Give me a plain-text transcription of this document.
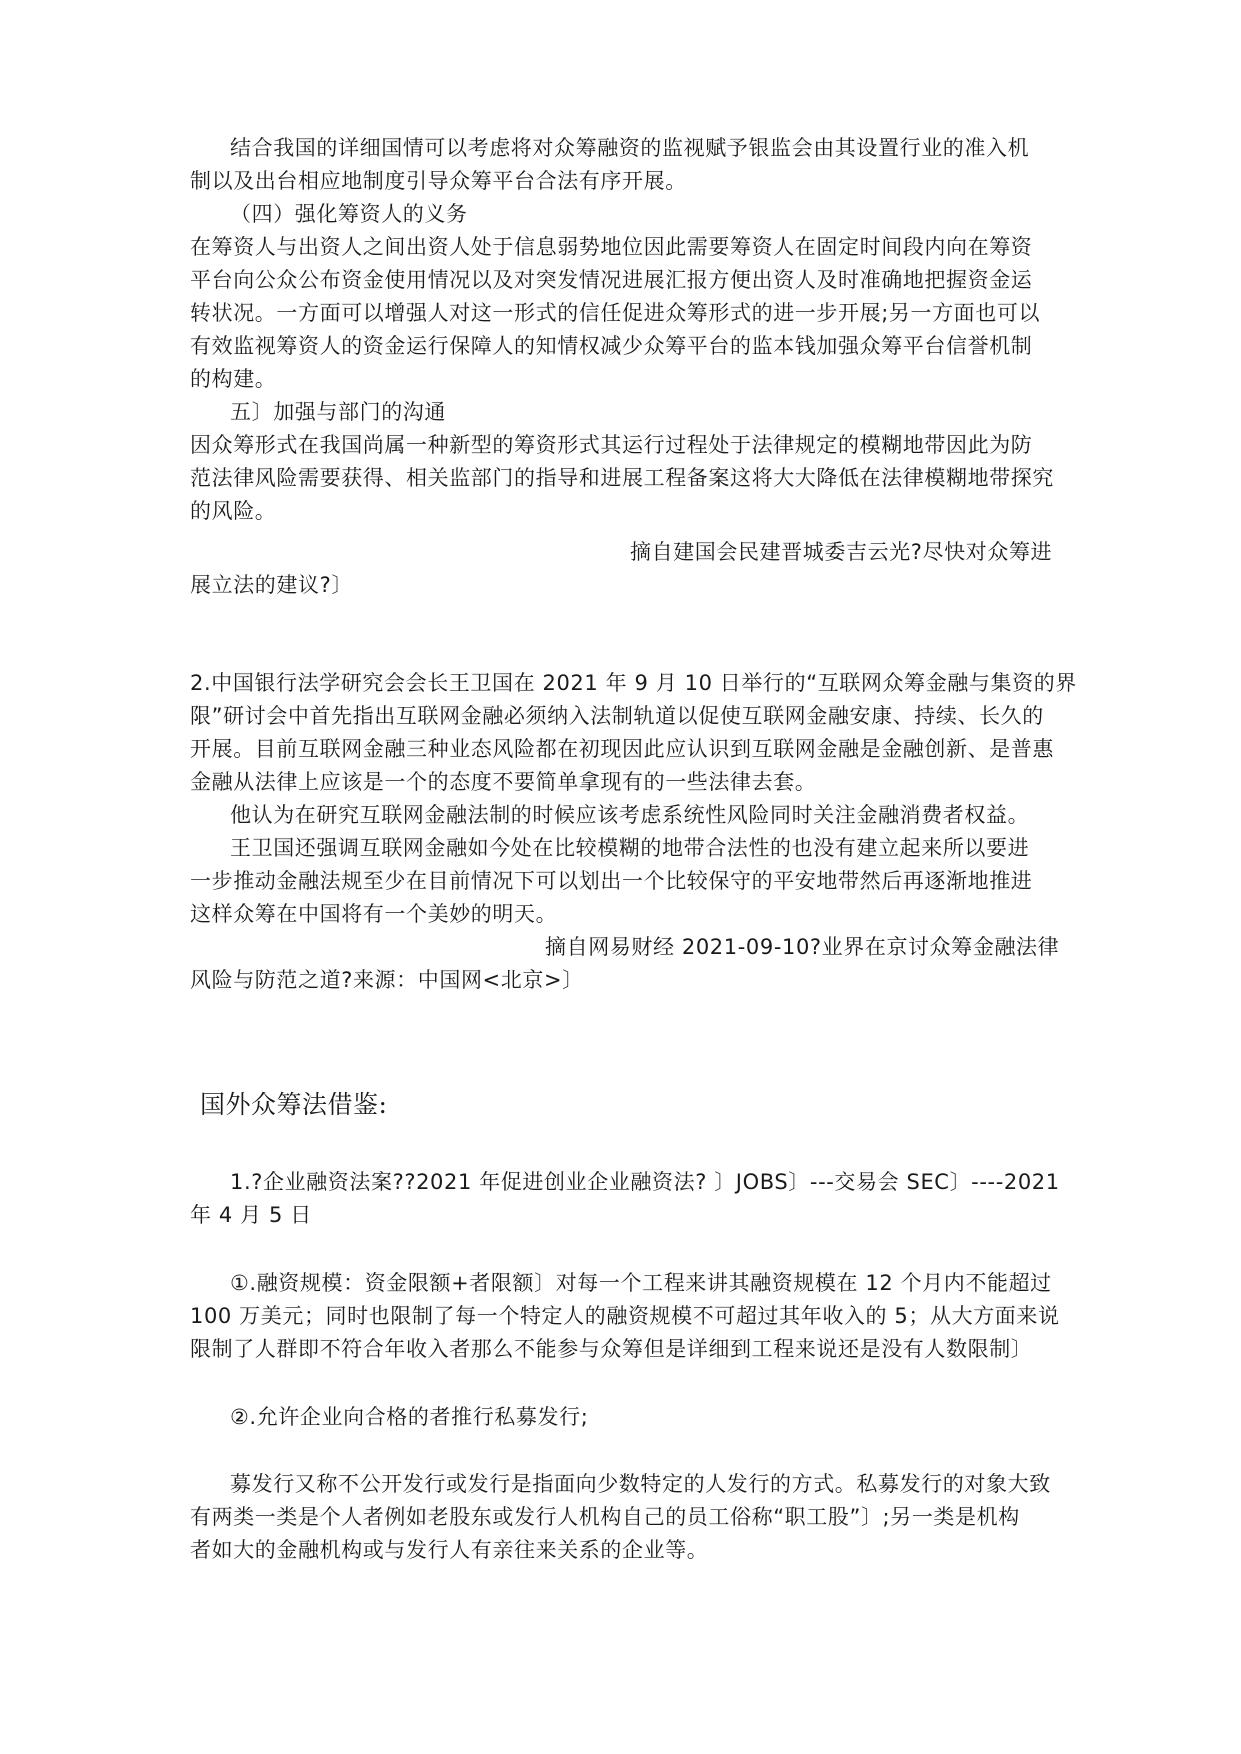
结合我国的详细国情可以考虑将对众筹融资的监视赋予银监会由其设置行业的准入机
制以及出台相应地制度引导众筹平台合法有序开展。
（四）强化筹资人的义务
在筹资人与出资人之间出资人处于信息弱势地位因此需要筹资人在固定时间段内向在筹资
平台向公众公布资金使用情况以及对突发情况进展汇报方便出资人及时准确地把握资金运
转状况。一方面可以增强人对这一形式的信任促进众筹形式的进一步开展;另一方面也可以
有效监视筹资人的资金运行保障人的知情权减少众筹平台的监本钱加强众筹平台信誉机制
的构建。
五〕加强与部门的沟通
因众筹形式在我国尚属一种新型的筹资形式其运行过程处于法律规定的模糊地带因此为防
范法律风险需要获得、相关监部门的指导和进展工程备案这将大大降低在法律模糊地带探究
的风险。
摘自建国会民建晋城委吉云光?尽快对众筹进
展立法的建议?〕
2.中国银行法学研究会会长王卫国在 2021 年 9 月 10 日举行的“互联网众筹金融与集资的界
限”研讨会中首先指出互联网金融必须纳入法制轨道以促使互联网金融安康、持续、长久的
开展。目前互联网金融三种业态风险都在初现因此应认识到互联网金融是金融创新、是普惠
金融从法律上应该是一个的态度不要简单拿现有的一些法律去套。
他认为在研究互联网金融法制的时候应该考虑系统性风险同时关注金融消费者权益。
王卫国还强调互联网金融如今处在比较模糊的地带合法性的也没有建立起来所以要进
一步推动金融法规至少在目前情况下可以划出一个比较保守的平安地带然后再逐渐地推进
这样众筹在中国将有一个美妙的明天。
摘自网易财经 2021-09-10?业界在京讨众筹金融法律
风险与防范之道?来源：中国网<北京>〕
国外众筹法借鉴:
1.?企业融资法案??2021 年促进创业企业融资法? 〕JOBS〕---交易会 SEC〕----2021
年 4 月 5 日
①.融资规模：资金限额+者限额〕对每一个工程来讲其融资规模在 12 个月内不能超过
100 万美元；同时也限制了每一个特定人的融资规模不可超过其年收入的 5；从大方面来说
限制了人群即不符合年收入者那么不能参与众筹但是详细到工程来说还是没有人数限制〕
②.允许企业向合格的者推行私募发行;
募发行又称不公开发行或发行是指面向少数特定的人发行的方式。私募发行的对象大致
有两类一类是个人者例如老股东或发行人机构自己的员工俗称“职工股”〕;另一类是机构
者如大的金融机构或与发行人有亲往来关系的企业等。
